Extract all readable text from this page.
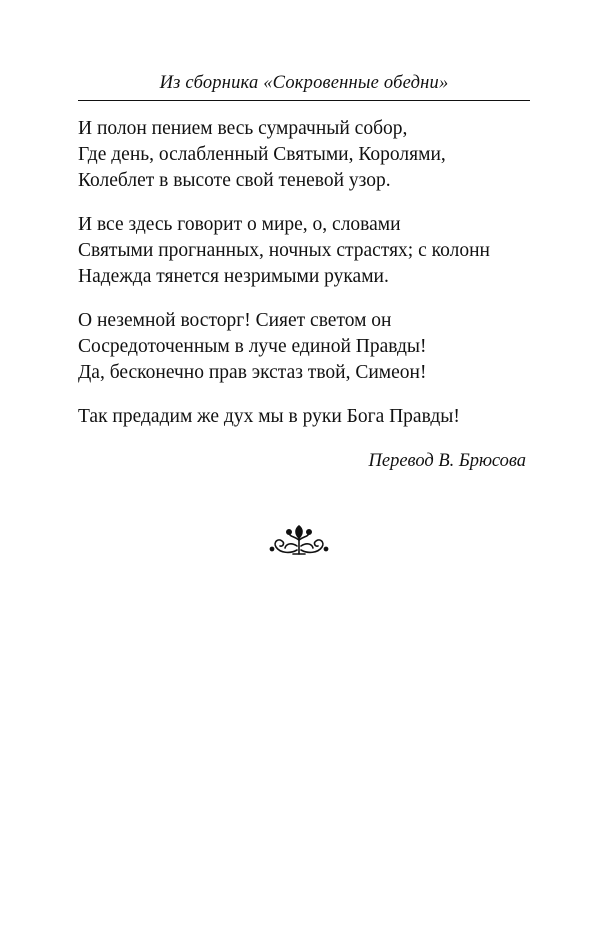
Из сборника «Сокровенные обедни»
И полон пением весь сумрачный собор,
Где день, ослабленный Святыми, Королями,
Колеблет в высоте свой теневой узор.
И все здесь говорит о мире, о, словами
Святыми прогнанных, ночных страстях; с колонн
Надежда тянется незримыми руками.
О неземной восторг! Сияет светом он
Сосредоточенным в луче единой Правды!
Да, бесконечно прав экстаз твой, Симеон!
Так предадим же дух мы в руки Бога Правды!
Перевод В. Брюсова
